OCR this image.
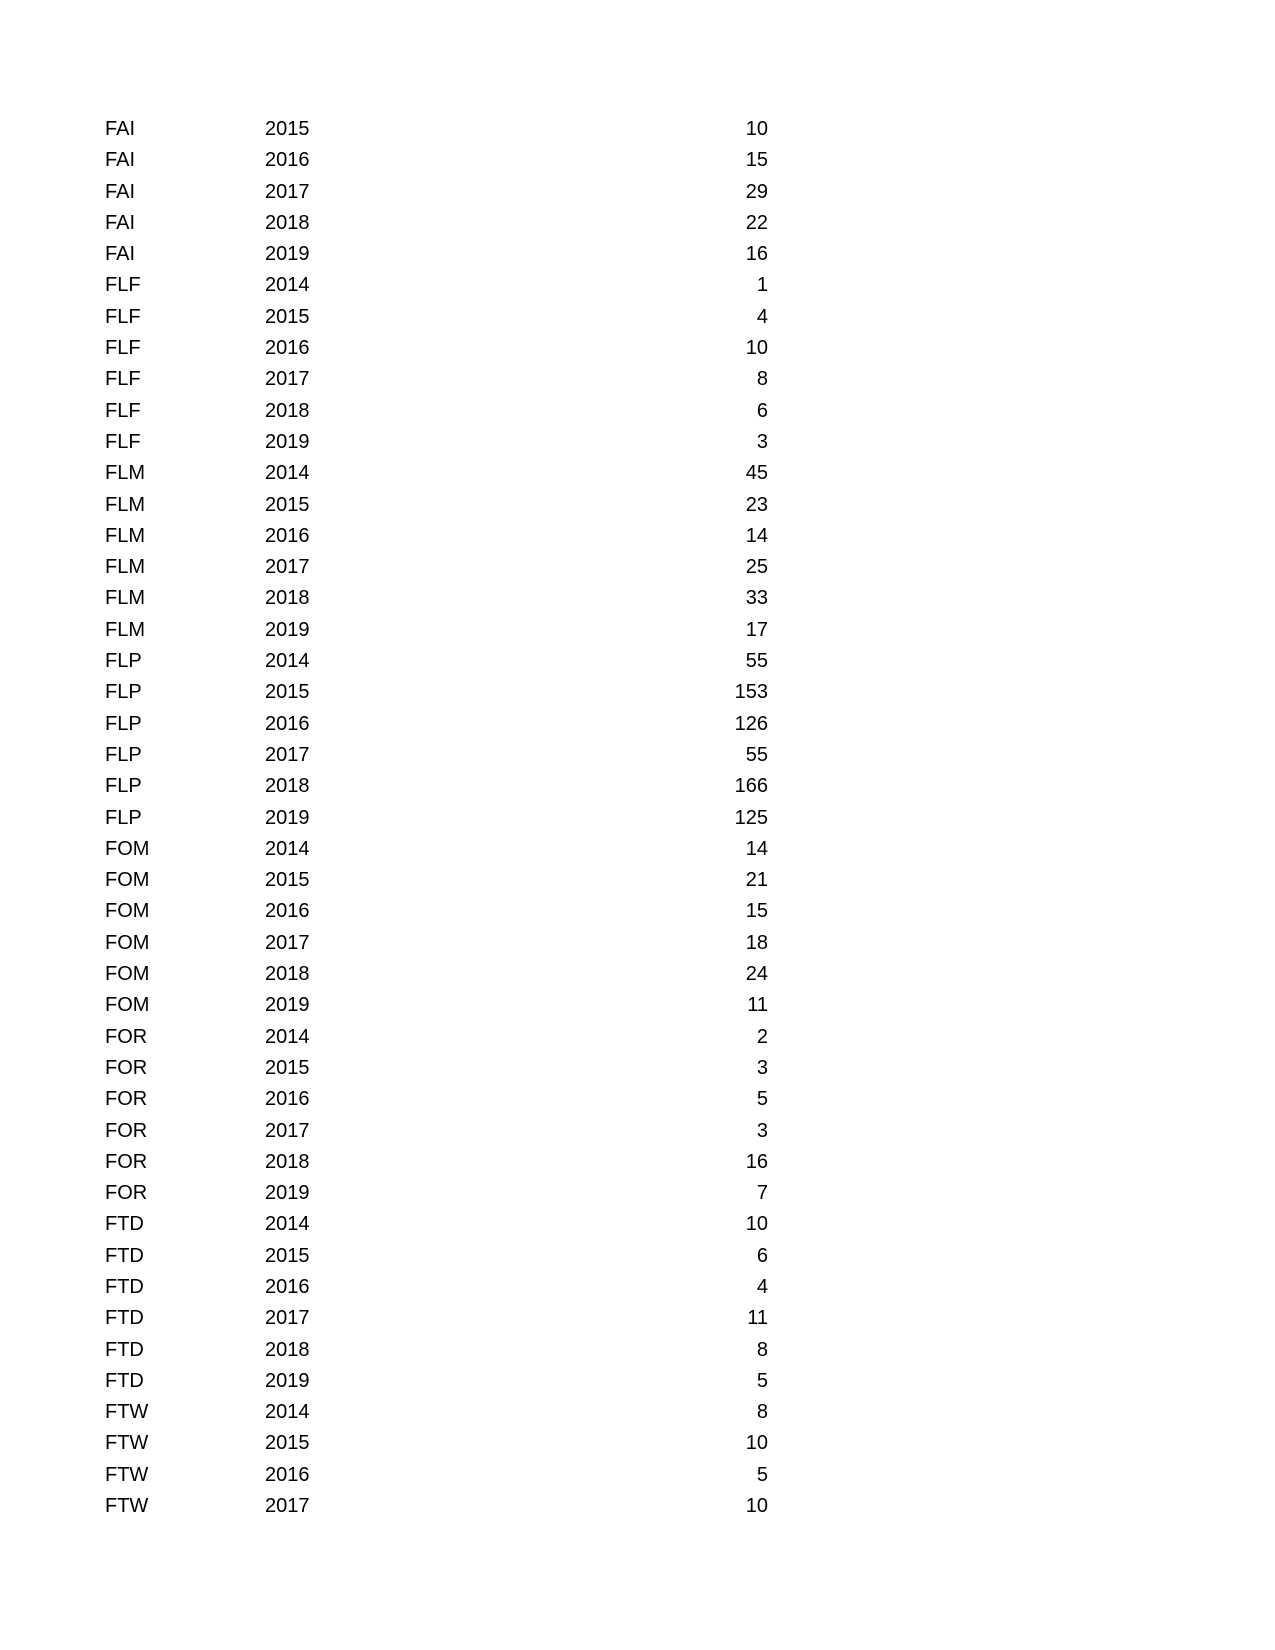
FAI	2015	10
FAI	2016	15
FAI	2017	29
FAI	2018	22
FAI	2019	16
FLF	2014	1
FLF	2015	4
FLF	2016	10
FLF	2017	8
FLF	2018	6
FLF	2019	3
FLM	2014	45
FLM	2015	23
FLM	2016	14
FLM	2017	25
FLM	2018	33
FLM	2019	17
FLP	2014	55
FLP	2015	153
FLP	2016	126
FLP	2017	55
FLP	2018	166
FLP	2019	125
FOM	2014	14
FOM	2015	21
FOM	2016	15
FOM	2017	18
FOM	2018	24
FOM	2019	11
FOR	2014	2
FOR	2015	3
FOR	2016	5
FOR	2017	3
FOR	2018	16
FOR	2019	7
FTD	2014	10
FTD	2015	6
FTD	2016	4
FTD	2017	11
FTD	2018	8
FTD	2019	5
FTW	2014	8
FTW	2015	10
FTW	2016	5
FTW	2017	10
